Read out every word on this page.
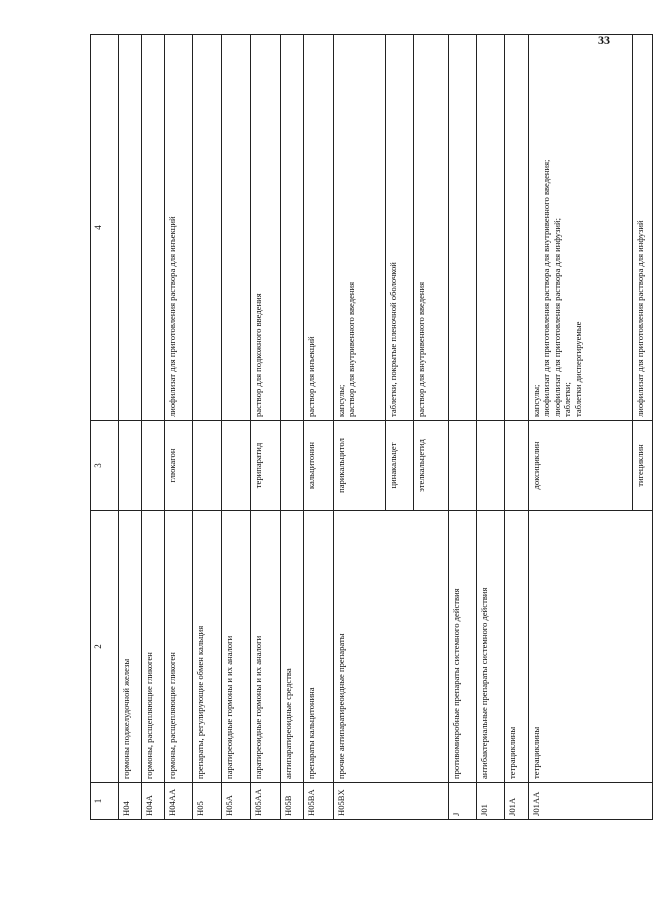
33
1	2	3	4
H04	гормоны поджелудочной железы		
H04A	гормоны, расщепляющие гликоген		
H04AA	гормоны, расщепляющие гликоген	глюкагон	лиофилизат для приготовления раствора для инъекций
H05	препараты, регулирующие обмен кальция		
H05A	паратиреоидные гормоны и их аналоги		
H05AA	паратиреоидные гормоны и их аналоги	терипаратид	раствор для подкожного введения
H05B	антипаратиреоидные средства		
H05BA	препараты кальцитонина	кальцитонин	раствор для инъекций
H05BX	прочие антипаратиреоидные препараты	парикальцитол	капсулы;
раствор для внутривенного введения
		цинакальцет	таблетки, покрытые пленочной оболочкой
		этелкальцетид	раствор для внутривенного введения
J	противомикробные препараты системного действия		
J01	антибактериальные препараты системного действия		
J01A	тетрациклины		
J01AA	тетрациклины	доксициклин	капсулы;
лиофилизат для приготовления раствора для внутривенного введения;
лиофилизат для приготовления раствора для инфузий;
таблетки;
таблетки диспергируемые
		тигециклин	лиофилизат для приготовления раствора для инфузий
